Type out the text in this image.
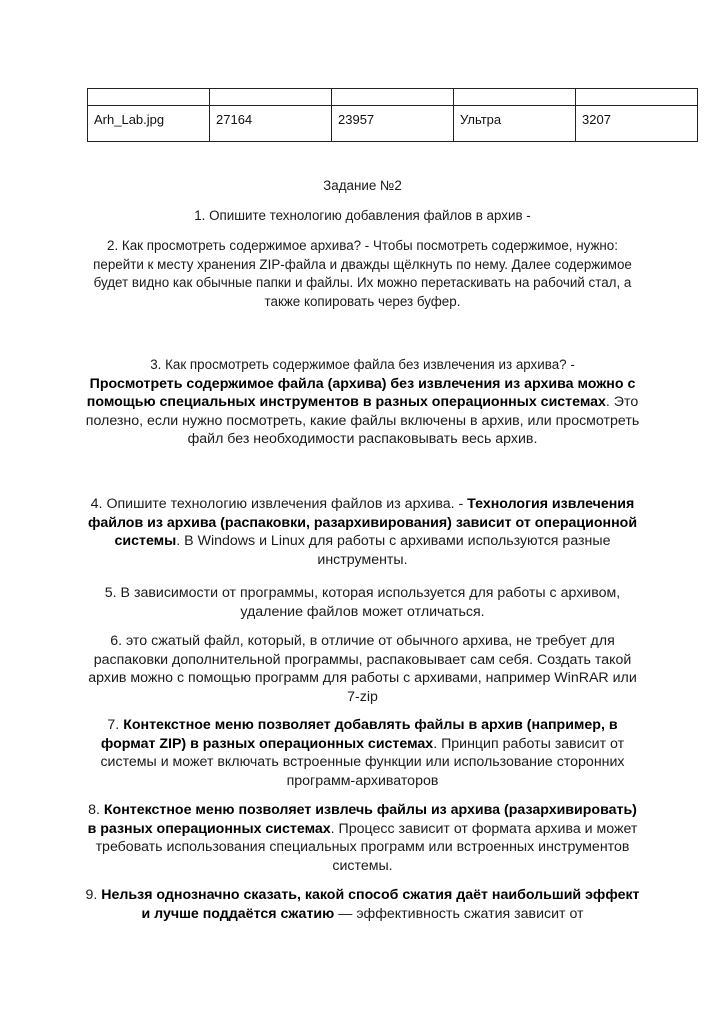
Arh_Lab.jpg	27164	23957	Ультра	3207

Задание №2

1. Опишите технологию добавления файлов в архив -

2. Как просмотреть содержимое архива? - Чтобы посмотреть содержимое, нужно: перейти к месту хранения ZIP-файла и дважды щёлкнуть по нему. Далее содержимое будет видно как обычные папки и файлы. Их можно перетаскивать на рабочий стал, а также копировать через буфер.

3. Как просмотреть содержимое файла без извлечения из архива? -
Просмотреть содержимое файла (архива) без извлечения из архива можно с помощью специальных инструментов в разных операционных системах. Это полезно, если нужно посмотреть, какие файлы включены в архив, или просмотреть файл без необходимости распаковывать весь архив.
4. Опишите технологию извлечения файлов из архива. - Технология извлечения файлов из архива (распаковки, разархивирования) зависит от операционной системы. В Windows и Linux для работы с архивами используются разные инструменты.

5. В зависимости от программы, которая используется для работы с архивом, удаление файлов может отличаться.

6. это сжатый файл, который, в отличие от обычного архива, не требует для распаковки дополнительной программы, распаковывает сам себя. Создать такой архив можно с помощью программ для работы с архивами, например WinRAR или 7-zip

7. Контекстное меню позволяет добавлять файлы в архив (например, в формат ZIP) в разных операционных системах. Принцип работы зависит от системы и может включать встроенные функции или использование сторонних программ-архиваторов
8. Контекстное меню позволяет извлечь файлы из архива (разархивировать) в разных операционных системах. Процесс зависит от формата архива и может требовать использования специальных программ или встроенных инструментов системы.
9. Нельзя однозначно сказать, какой способ сжатия даёт наибольший эффект и лучше поддаётся сжатию — эффективность сжатия зависит от
